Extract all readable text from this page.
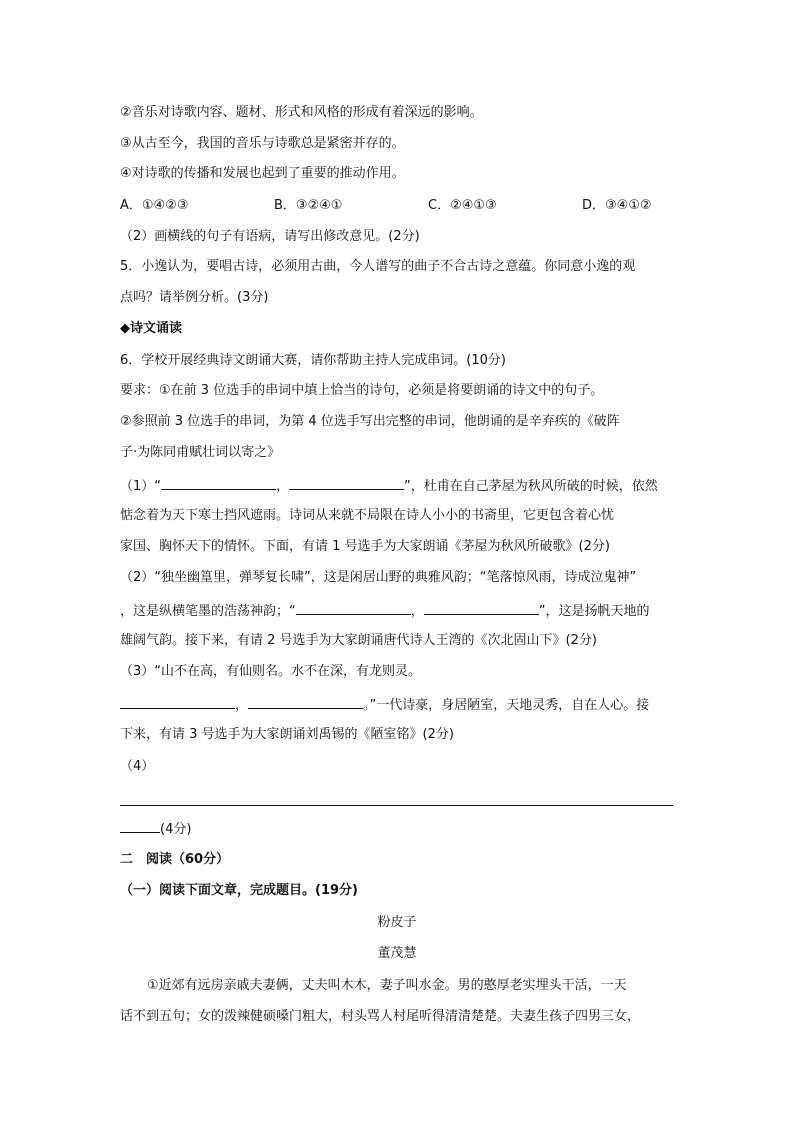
②音乐对诗歌内容、题材、形式和风格的形成有着深远的影响。
③从古至今，我国的音乐与诗歌总是紧密并存的。
④对诗歌的传播和发展也起到了重要的推动作用。
A．①④②③	B．③②④①	C．②④①③	D．③④①②
（2）画横线的句子有语病，请写出修改意见。(2分)
5．小逸认为，要唱古诗，必须用古曲，今人谱写的曲子不合古诗之意蕴。你同意小逸的观
点吗？请举例分析。(3分)
◆诗文诵读
6．学校开展经典诗文朗诵大赛，请你帮助主持人完成串词。(10分)
要求：①在前 3 位选手的串词中填上恰当的诗句，必须是将要朗诵的诗文中的句子。
②参照前 3 位选手的串词，为第 4 位选手写出完整的串词，他朗诵的是辛弃疾的《破阵
子·为陈同甫赋壮词以寄之》
（1）“	，	”，杜甫在自己茅屋为秋风所破的时候，依然
惦念着为天下寒士挡风遮雨。诗词从来就不局限在诗人小小的书斋里，它更包含着心忧
家国、胸怀天下的情怀。下面，有请 1 号选手为大家朗诵《茅屋为秋风所破歌》(2分)
（2）“独坐幽篁里，弹琴复长啸”，这是闲居山野的典雅风韵；“笔落惊风雨，诗成泣鬼神”
，这是纵横笔墨的浩荡神韵；“	，	”，这是扬帆天地的
雄阔气韵。接下来，有请 2 号选手为大家朗诵唐代诗人王湾的《次北固山下》(2分)
（3）“山不在高，有仙则名。水不在深，有龙则灵。
，	。”一代诗豪，身居陋室，天地灵秀，自在人心。接
下来，有请 3 号选手为大家朗诵刘禹锡的《陋室铭》(2分)
（4）
(4分)
二　阅读（60分）
（一）阅读下面文章，完成题目。(19分)
粉皮子
董茂慧
①近郊有远房亲戚夫妻俩，丈夫叫木木，妻子叫水金。男的憨厚老实埋头干活，一天
话不到五句；女的泼辣健硕嗓门粗大，村头骂人村尾听得清清楚楚。夫妻生孩子四男三女，
